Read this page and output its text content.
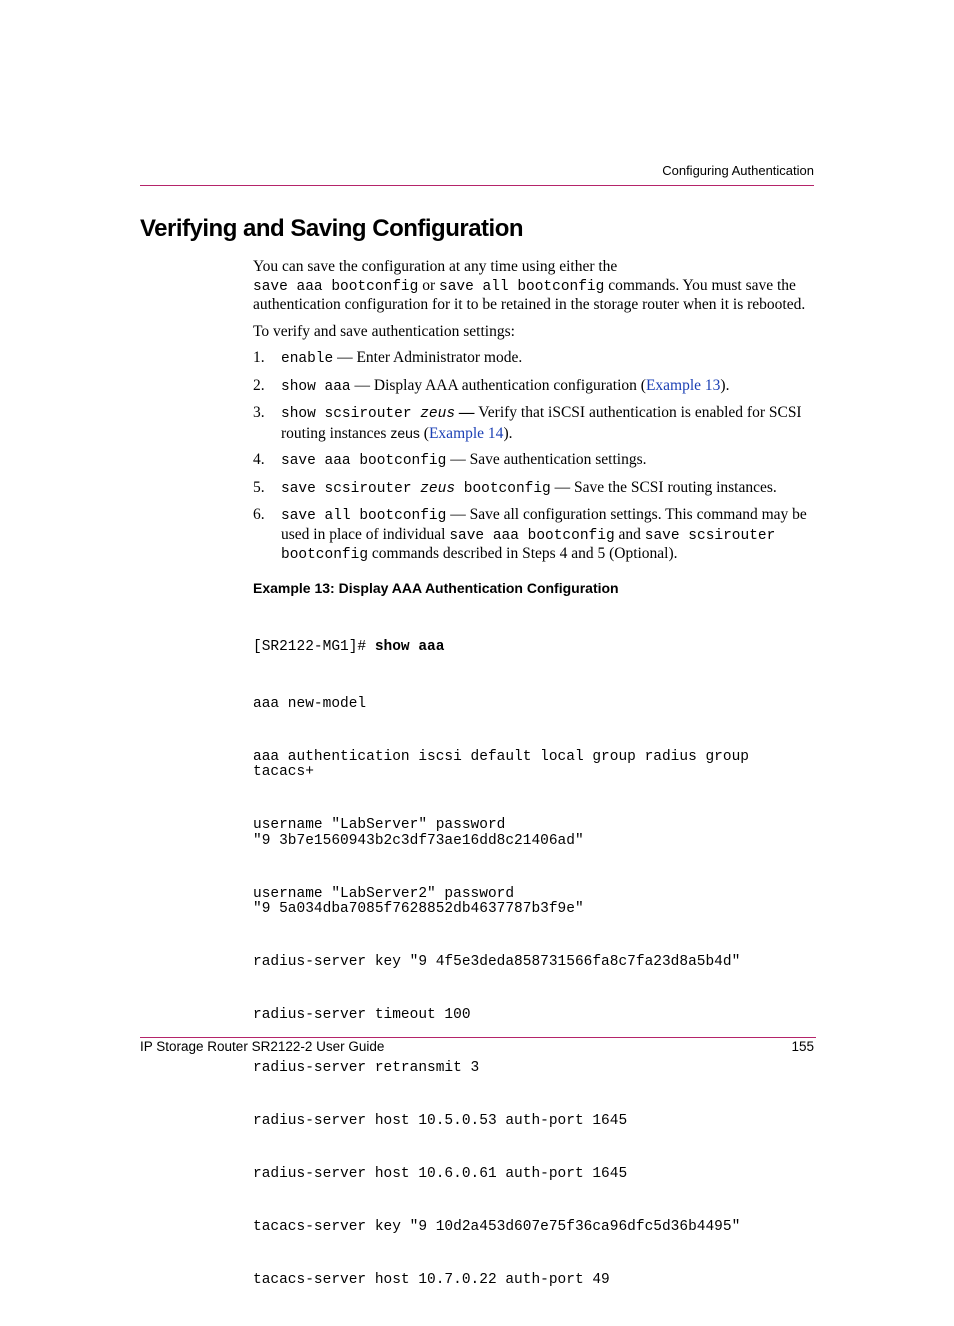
Configuring Authentication
Verifying and Saving Configuration

You can save the configuration at any time using either the
save aaa bootconfig or save all bootconfig commands. You must save the authentication configuration for it to be retained in the storage router when it is rebooted.

To verify and save authentication settings:

1. enable — Enter Administrator mode.
2. show aaa — Display AAA authentication configuration (Example 13).
3. show scsirouter zeus — Verify that iSCSI authentication is enabled for SCSI routing instances zeus (Example 14).
4. save aaa bootconfig — Save authentication settings.
5. save scsirouter zeus bootconfig — Save the SCSI routing instances.
6. save all bootconfig — Save all configuration settings. This command may be used in place of individual save aaa bootconfig and save scsirouter bootconfig commands described in Steps 4 and 5 (Optional).

Example 13: Display AAA Authentication Configuration

[SR2122-MG1]# show aaa

aaa new-model

aaa authentication iscsi default local group radius group
tacacs+

username "LabServer" password
"9 3b7e1560943b2c3df73ae16dd8c21406ad"

username "LabServer2" password
"9 5a034dba7085f7628852db4637787b3f9e"

radius-server key "9 4f5e3deda858731566fa8c7fa23d8a5b4d"

radius-server timeout 100

radius-server retransmit 3

radius-server host 10.5.0.53 auth-port 1645

radius-server host 10.6.0.61 auth-port 1645

tacacs-server key "9 10d2a453d607e75f36ca96dfc5d36b4495"

tacacs-server host 10.7.0.22 auth-port 49

IP Storage Router SR2122-2 User Guide	155
